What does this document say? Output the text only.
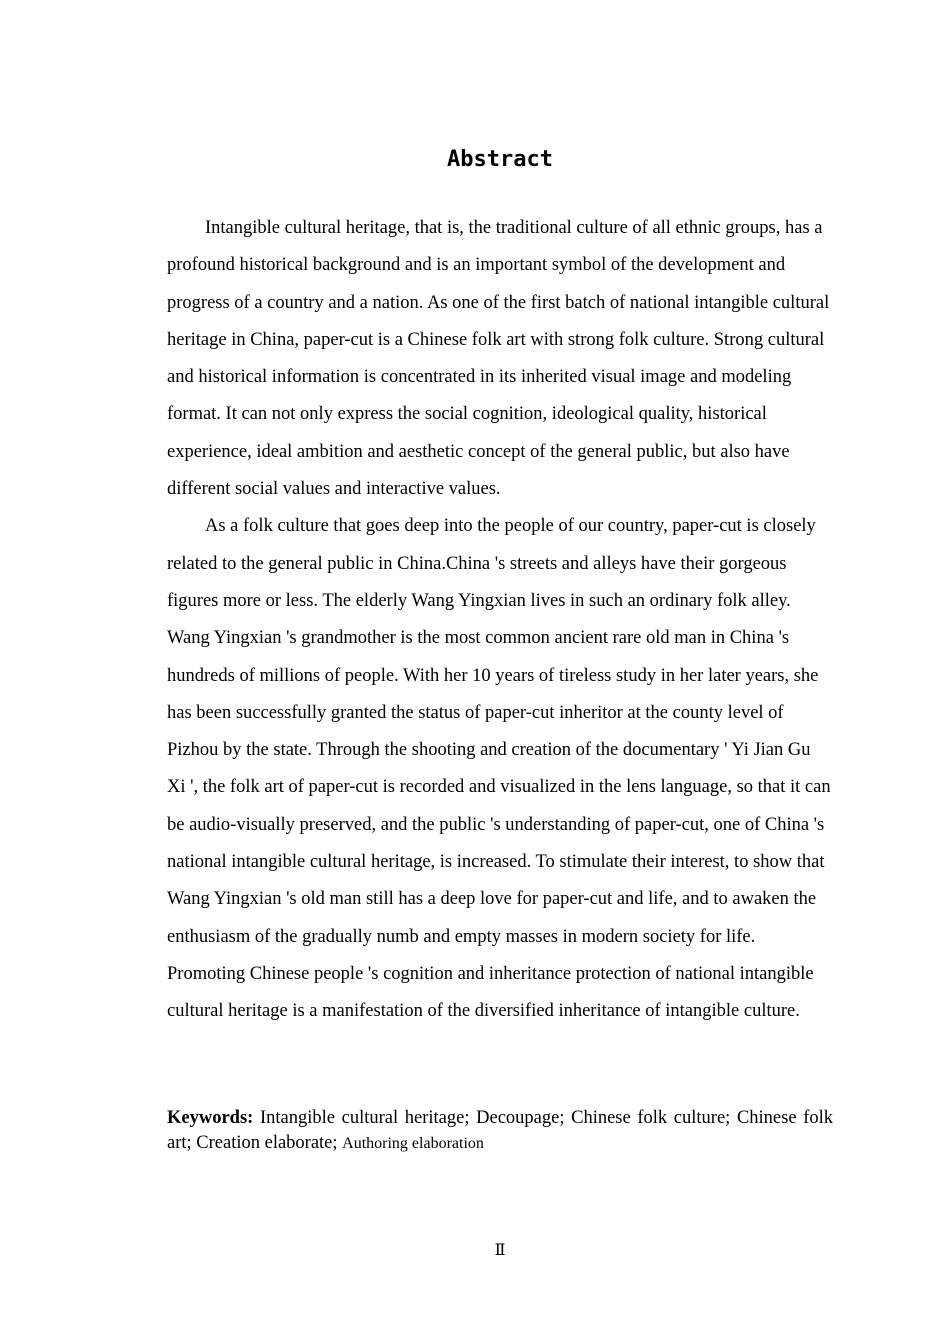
Abstract

Intangible cultural heritage, that is, the traditional culture of all ethnic groups, has a profound historical background and is an important symbol of the development and progress of a country and a nation. As one of the first batch of national intangible cultural heritage in China, paper-cut is a Chinese folk art with strong folk culture. Strong cultural and historical information is concentrated in its inherited visual image and modeling format. It can not only express the social cognition, ideological quality, historical experience, ideal ambition and aesthetic concept of the general public, but also have different social values and interactive values.

As a folk culture that goes deep into the people of our country, paper-cut is closely related to the general public in China.China 's streets and alleys have their gorgeous figures more or less. The elderly Wang Yingxian lives in such an ordinary folk alley. Wang Yingxian 's grandmother is the most common ancient rare old man in China 's hundreds of millions of people. With her 10 years of tireless study in her later years, she has been successfully granted the status of paper-cut inheritor at the county level of Pizhou by the state. Through the shooting and creation of the documentary ' Yi Jian Gu Xi ', the folk art of paper-cut is recorded and visualized in the lens language, so that it can be audio-visually preserved, and the public 's understanding of paper-cut, one of China 's national intangible cultural heritage, is increased. To stimulate their interest, to show that Wang Yingxian 's old man still has a deep love for paper-cut and life, and to awaken the enthusiasm of the gradually numb and empty masses in modern society for life. Promoting Chinese people 's cognition and inheritance protection of national intangible cultural heritage is a manifestation of the diversified inheritance of intangible culture.

Keywords: Intangible cultural heritage; Decoupage; Chinese folk culture; Chinese folk art; Creation elaborate; Authoring elaboration
Ⅱ
